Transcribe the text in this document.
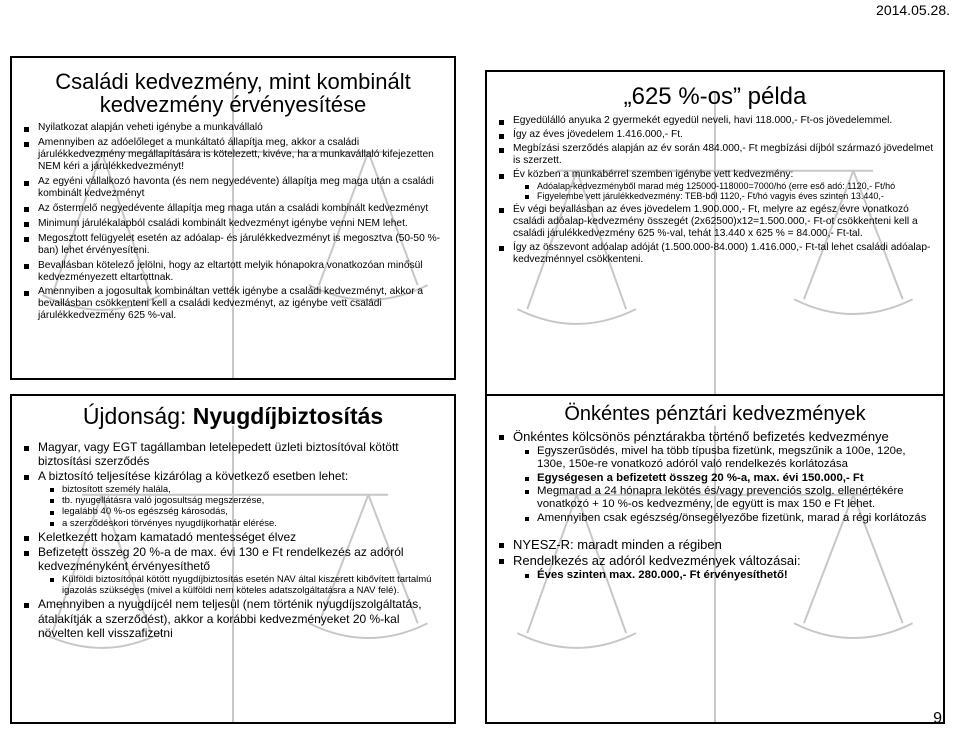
2014.05.28.
Családi kedvezmény, mint kombinált
kedvezmény érvényesítése
Nyilatkozat alapján veheti igénybe a munkavállaló
Amennyiben az adóelőleget a munkáltató állapítja meg, akkor a családi járulékkedvezmény megállapítására is kötelezett, kivéve, ha a munkavállaló kifejezetten NEM kéri a járulékkedvezményt!
Az egyéni vállalkozó havonta (és nem negyedévente) állapítja meg maga után a családi kombinált kedvezményt
Az őstermelő negyedévente állapítja meg maga után a családi kombinált kedvezményt
Minimum járulékalapból családi kombinált kedvezményt igénybe venni NEM lehet.
Megosztott felügyelet esetén az adóalap- és járulékkedvezményt is megosztva (50-50 %-ban) lehet érvényesíteni.
Bevallásban kötelező jelölni, hogy az eltartott melyik hónapokra vonatkozóan minősül kedvezményezett eltartottnak.
Amennyiben a jogosultak kombináltan vették igénybe a családi kedvezményt, akkor a bevallásban csökkenteni kell a családi kedvezményt, az igénybe vett családi járulékkedvezmény 625 %-val.
„625 %-os” példa
Egyedülálló anyuka 2 gyermekét egyedül neveli, havi 118.000,- Ft-os jövedelemmel.
Így az éves jövedelem 1.416.000,- Ft.
Megbízási szerződés alapján az év során 484.000,- Ft megbízási díjból származó jövedelmet is szerzett.
Év közben a munkabérrel szemben igénybe vett kedvezmény:
Adóalap-kedvezményből marad még 125000-118000=7000/hó (erre eső adó: 1120,- Ft/hó
Figyelembe vett járulékkedvezmény: TEB-ből 1120,- Ft/hó vagyis éves szinten 13.440,-
Év végi bevallásban az éves jövedelem 1.900.000,- Ft, melyre az egész évre vonatkozó családi adóalap-kedvezmény összegét (2x62500)x12=1.500.000,- Ft-ot csökkenteni kell a családi járulékkedvezmény 625 %-val, tehát 13.440 x 625 % = 84.000,- Ft-tal.
Így az összevont adóalap adóját (1.500.000-84.000) 1.416.000,- Ft-tal lehet családi adóalap-kedvezménnyel csökkenteni.
Újdonság: Nyugdíjbiztosítás
Magyar, vagy EGT tagállamban letelepedett üzleti biztosítóval kötött biztosítási szerződés
A biztosító teljesítése kizárólag a következő esetben lehet:
biztosított személy halála,
tb. nyugellátásra való jogosultság megszerzése,
legalább 40 %-os egészség károsodás,
a szerződéskori törvényes nyugdíjkorhatár elérése.
Keletkezett hozam kamatadó mentességet élvez
Befizetett összeg 20 %-a de max. évi 130 e Ft rendelkezés az adóról kedvezményként érvényesíthető
Külföldi biztosítónál kötött nyugdíjbiztosítás esetén NAV által kiszerett kibővített tartalmú igazolás szükséges (mivel a külföldi nem köteles adatszolgáltatásra a NAV felé).
Amennyiben a nyugdíjcél nem teljesül (nem történik nyugdíjszolgáltatás, átalakítják a szerződést), akkor a korábbi kedvezményeket 20 %-kal növelten kell visszafizetni
Önkéntes pénztári kedvezmények
Önkéntes kölcsönös pénztárakba történő befizetés kedvezménye
Egyszerűsödés, mivel ha több típusba fizetünk, megszűnik a 100e, 120e, 130e, 150e-re vonatkozó adóról való rendelkezés korlátozása
Egységesen a befizetett összeg 20 %-a, max. évi 150.000,- Ft
Megmarad a 24 hónapra lekötés és/vagy prevenciós szolg. ellenértékére vonatkozó + 10 %-os kedvezmény, de együtt is max 150 e Ft lehet.
Amennyiben csak egészség/önsegélyezőbe fizetünk, marad a régi korlátozás
NYESZ-R: maradt minden a régiben
Rendelkezés az adóról kedvezmények változásai:
Éves szinten max. 280.000,- Ft érvényesíthető!
9
